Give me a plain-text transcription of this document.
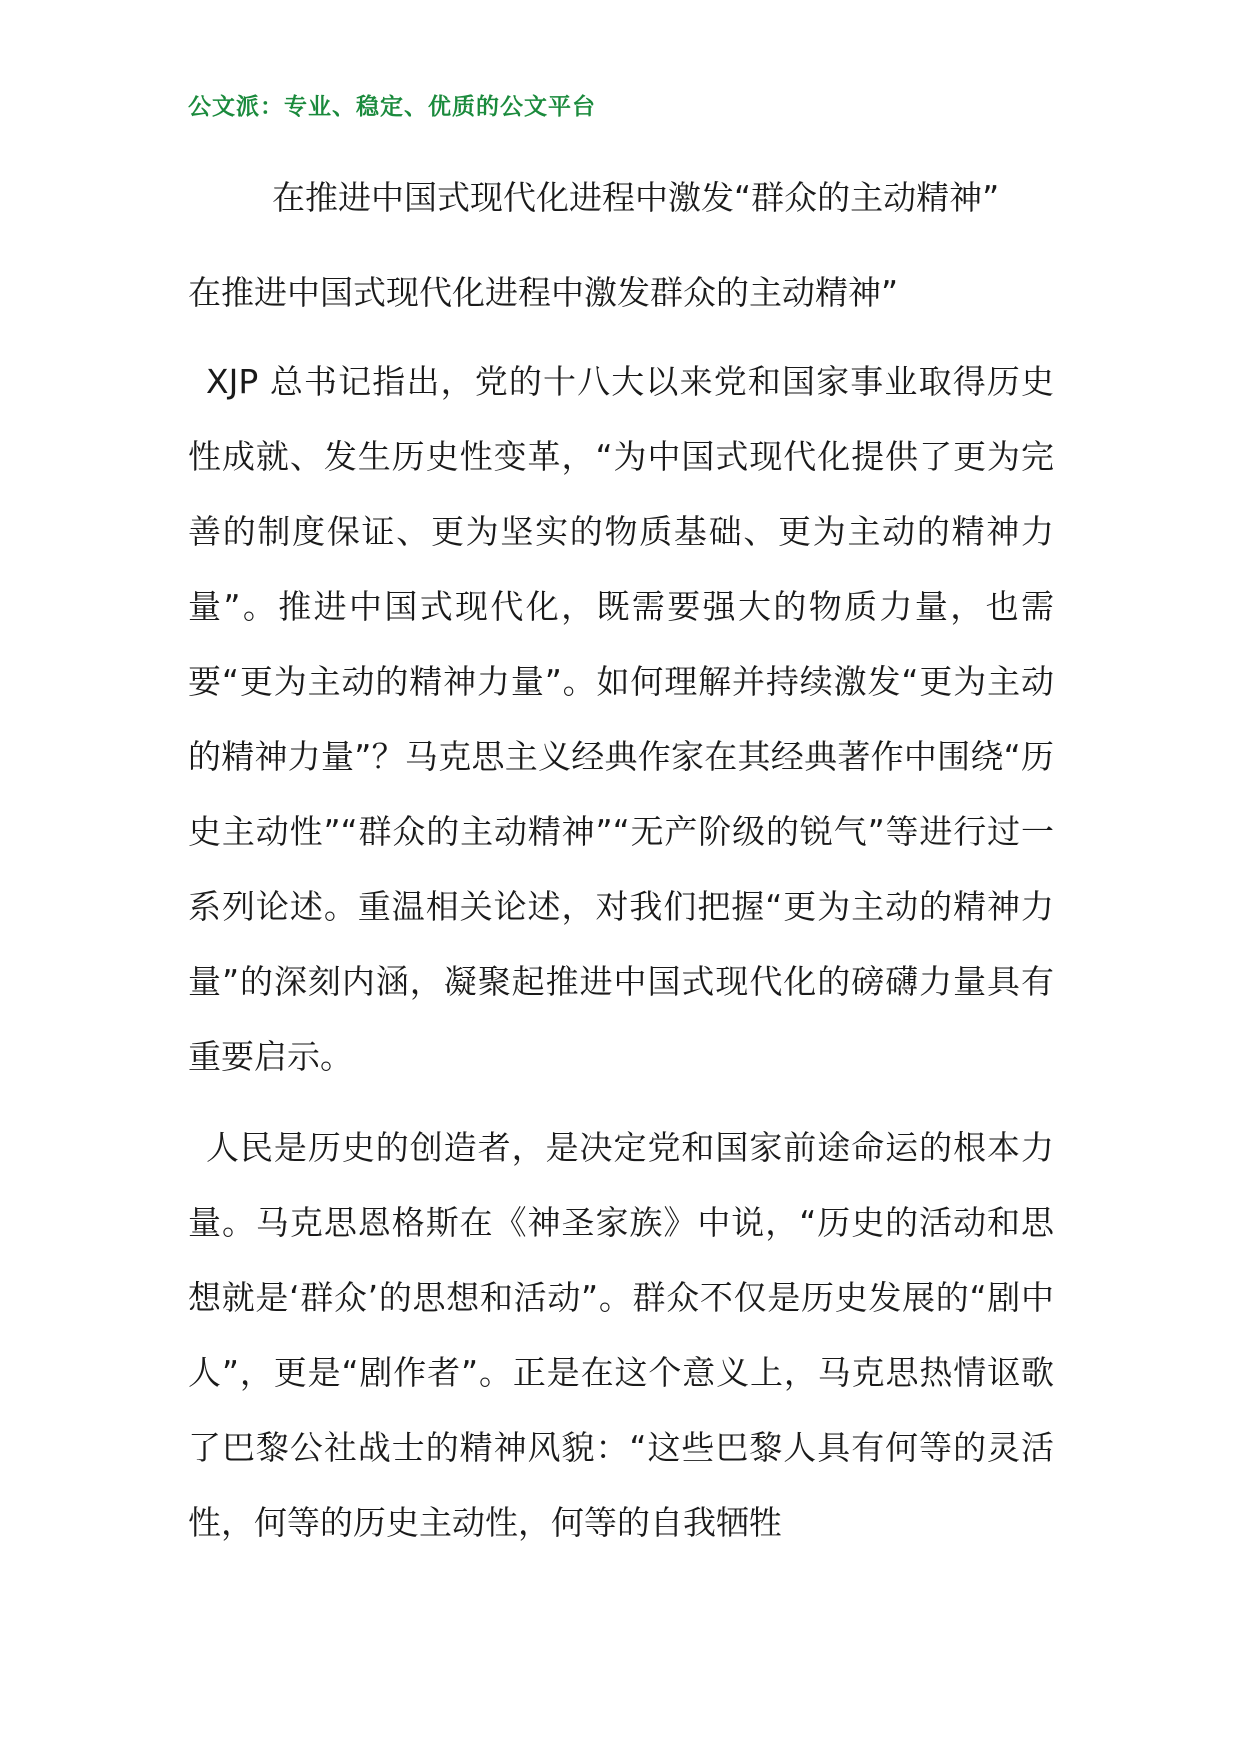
公文派：专业、稳定、优质的公文平台
在推进中国式现代化进程中激发“群众的主动精神”
在推进中国式现代化进程中激发群众的主动精神”

XJP 总书记指出，党的十八大以来党和国家事业取得历史性成就、发生历史性变革，“为中国式现代化提供了更为完善的制度保证、更为坚实的物质基础、更为主动的精神力量”。推进中国式现代化，既需要强大的物质力量，也需要“更为主动的精神力量”。如何理解并持续激发“更为主动的精神力量”？马克思主义经典作家在其经典著作中围绕“历史主动性”“群众的主动精神”“无产阶级的锐气”等进行过一系列论述。重温相关论述，对我们把握“更为主动的精神力量”的深刻内涵，凝聚起推进中国式现代化的磅礴力量具有重要启示。

人民是历史的创造者，是决定党和国家前途命运的根本力量。马克思恩格斯在《神圣家族》中说，“历史的活动和思想就是‘群众’的思想和活动”。群众不仅是历史发展的“剧中人”，更是“剧作者”。正是在这个意义上，马克思热情讴歌了巴黎公社战士的精神风貌：“这些巴黎人具有何等的灵活性，何等的历史主动性，何等的自我牺牲
